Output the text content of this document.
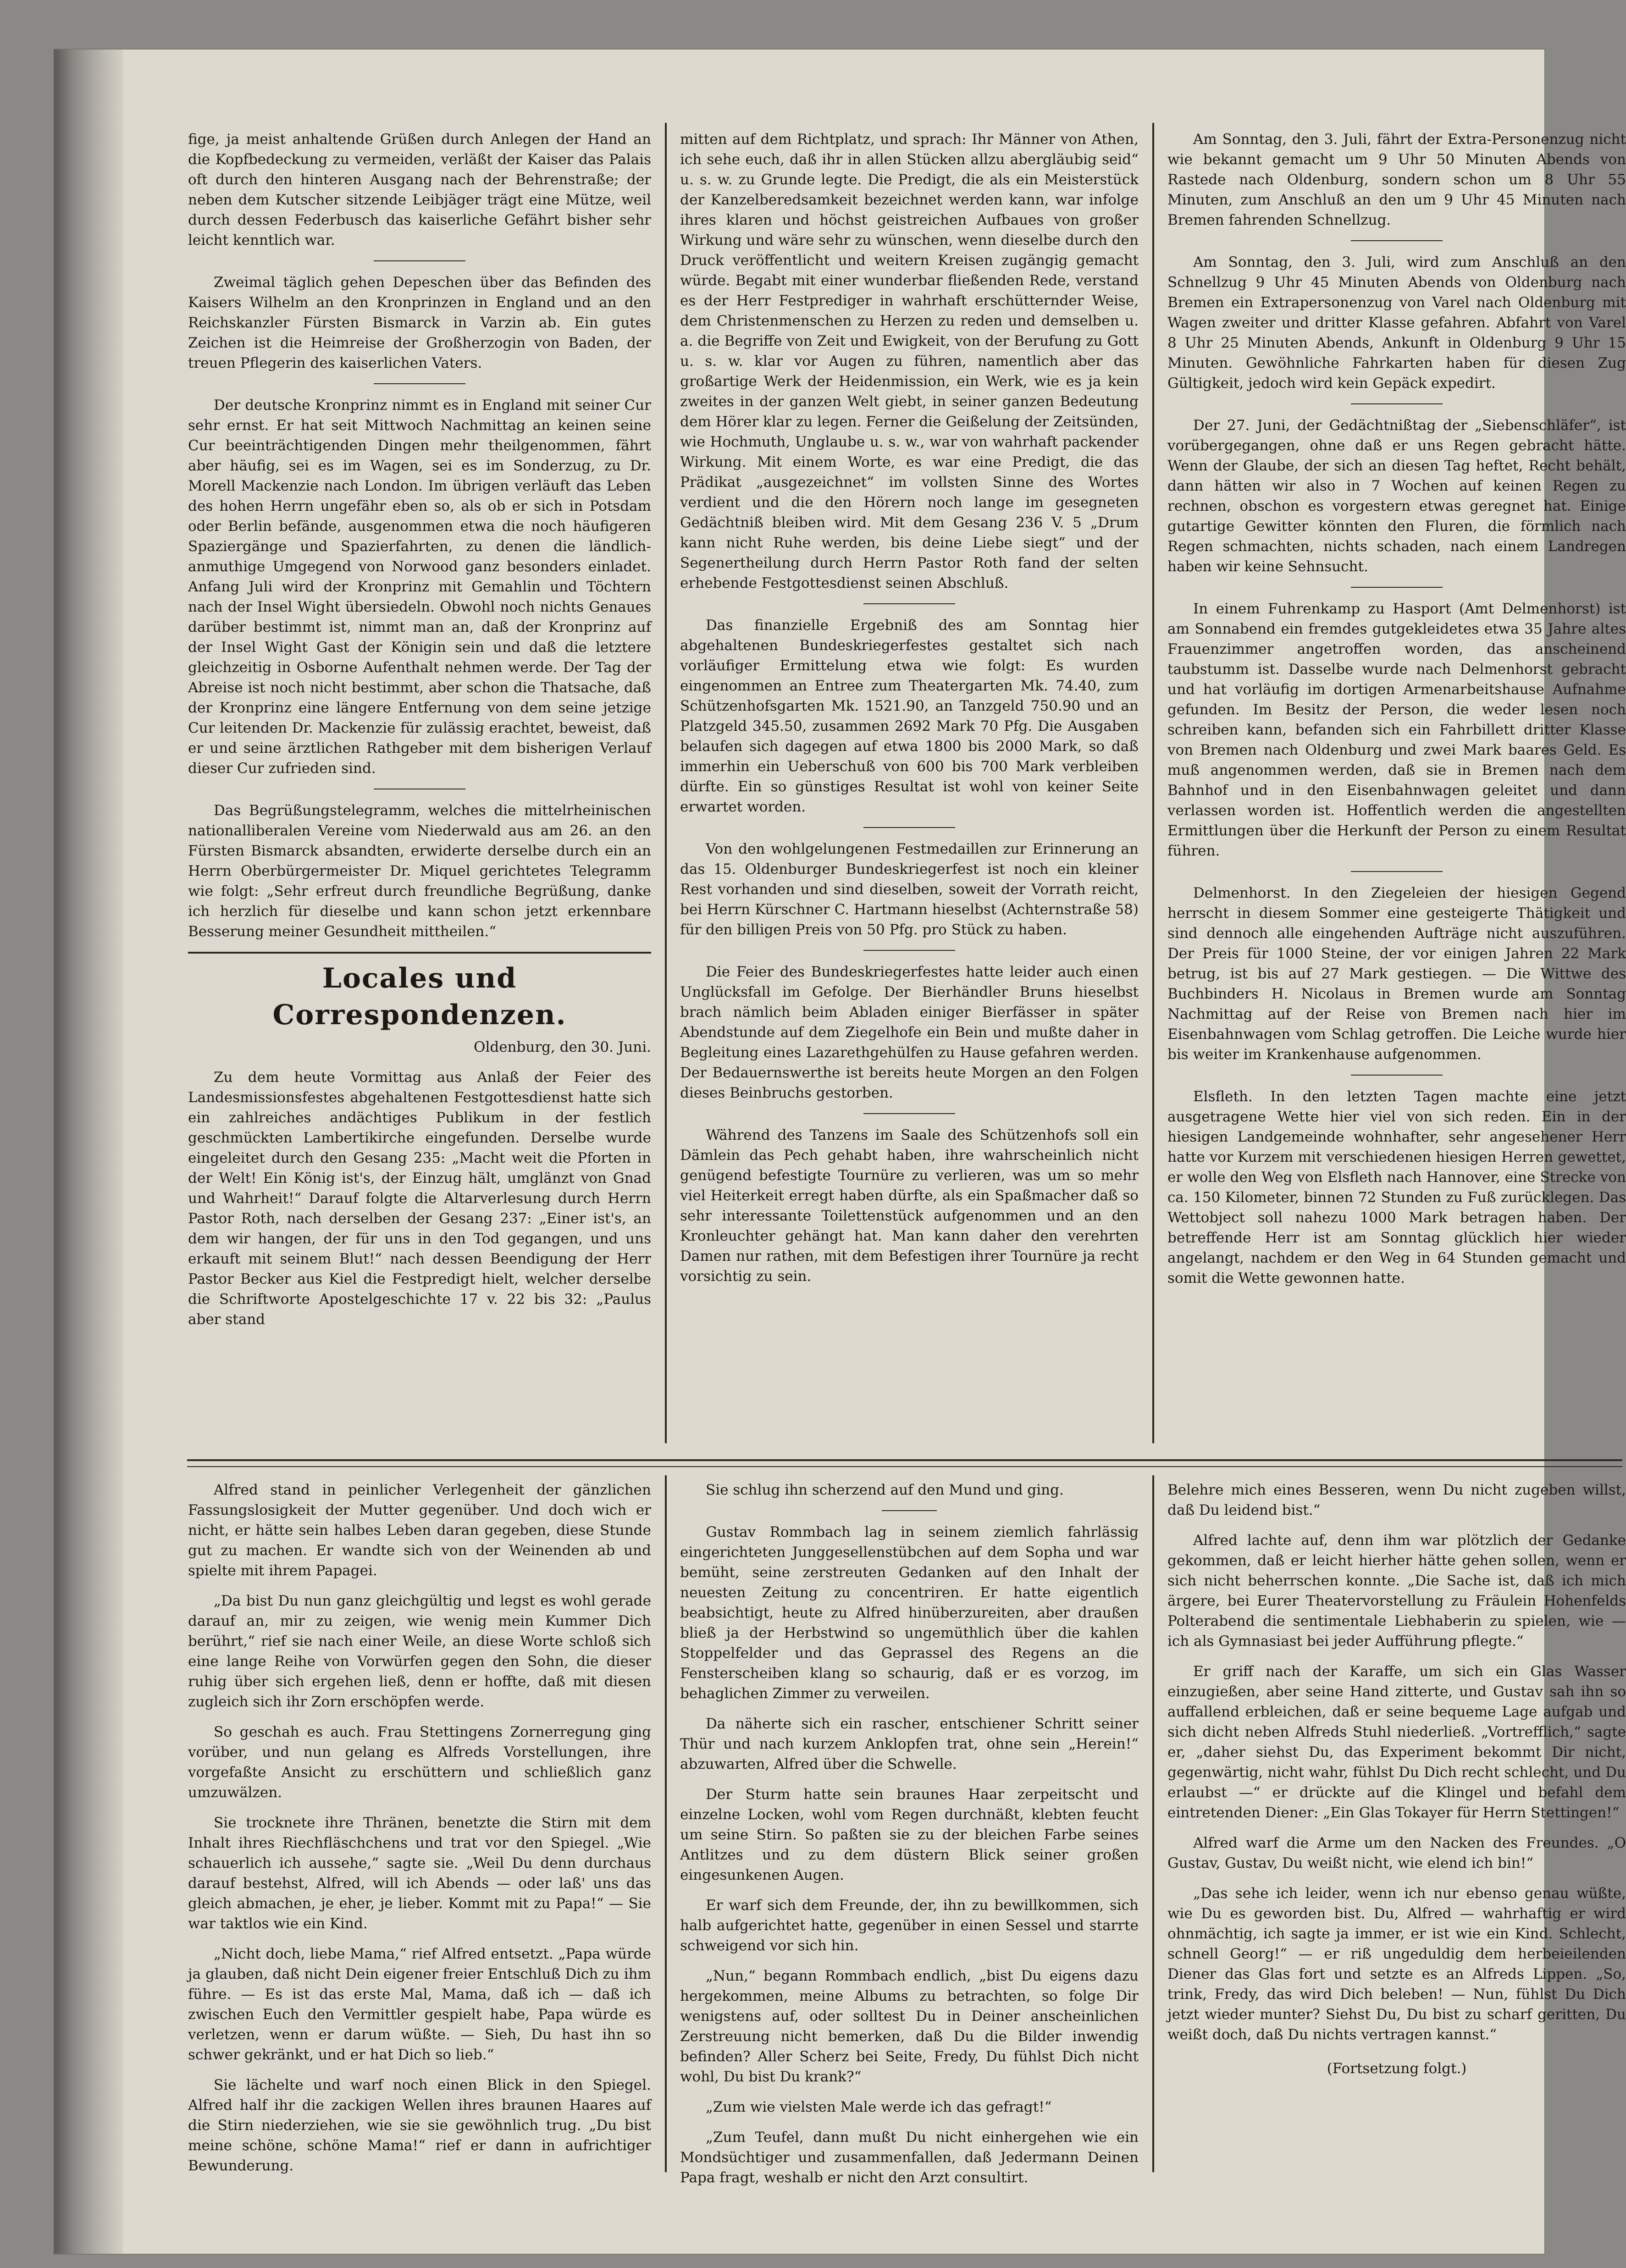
fige, ja meist anhaltende Grüßen durch Anlegen der Hand an die Kopfbedeckung zu vermeiden, verläßt der Kaiser das Palais oft durch den hinteren Ausgang nach der Behrenstraße; der neben dem Kutscher sitzende Leibjäger trägt eine Mütze, weil durch dessen Federbusch das kaiserliche Gefährt bisher sehr leicht kenntlich war.

Zweimal täglich gehen Depeschen über das Befinden des Kaisers Wilhelm an den Kronprinzen in England und an den Reichskanzler Fürsten Bismarck in Varzin ab. Ein gutes Zeichen ist die Heimreise der Großherzogin von Baden, der treuen Pflegerin des kaiserlichen Vaters.

Der deutsche Kronprinz nimmt es in England mit seiner Cur sehr ernst. Er hat seit Mittwoch Nachmittag an keinen seine Cur beeinträchtigenden Dingen mehr theilgenommen, fährt aber häufig, sei es im Wagen, sei es im Sonderzug, zu Dr. Morell Mackenzie nach London. Im übrigen verläuft das Leben des hohen Herrn ungefähr eben so, als ob er sich in Potsdam oder Berlin befände, ausgenommen etwa die noch häufigeren Spaziergänge und Spazierfahrten, zu denen die ländlich-anmuthige Umgegend von Norwood ganz besonders einladet. Anfang Juli wird der Kronprinz mit Gemahlin und Töchtern nach der Insel Wight übersiedeln. Obwohl noch nichts Genaues darüber bestimmt ist, nimmt man an, daß der Kronprinz auf der Insel Wight Gast der Königin sein und daß die letztere gleichzeitig in Osborne Aufenthalt nehmen werde. Der Tag der Abreise ist noch nicht bestimmt, aber schon die Thatsache, daß der Kronprinz eine längere Entfernung von dem seine jetzige Cur leitenden Dr. Mackenzie für zulässig erachtet, beweist, daß er und seine ärztlichen Rathgeber mit dem bisherigen Verlauf dieser Cur zufrieden sind.

Das Begrüßungstelegramm, welches die mittelrheinischen nationalliberalen Vereine vom Niederwald aus am 26. an den Fürsten Bismarck absandten, erwiderte derselbe durch ein an Herrn Oberbürgermeister Dr. Miquel gerichtetes Telegramm wie folgt: „Sehr erfreut durch freundliche Begrüßung, danke ich herzlich für dieselbe und kann schon jetzt erkennbare Besserung meiner Gesundheit mittheilen.“

Locales und Correspondenzen.

Oldenburg, den 30. Juni.

Zu dem heute Vormittag aus Anlaß der Feier des Landesmissionsfestes abgehaltenen Festgottesdienst hatte sich ein zahlreiches andächtiges Publikum in der festlich geschmückten Lambertikirche eingefunden. Derselbe wurde eingeleitet durch den Gesang 235: „Macht weit die Pforten in der Welt! Ein König ist's, der Einzug hält, umglänzt von Gnad und Wahrheit!“ Darauf folgte die Altarverlesung durch Herrn Pastor Roth, nach derselben der Gesang 237: „Einer ist's, an dem wir hangen, der für uns in den Tod gegangen, und uns erkauft mit seinem Blut!“ nach dessen Beendigung der Herr Pastor Becker aus Kiel die Festpredigt hielt, welcher derselbe die Schriftworte Apostelgeschichte 17 v. 22 bis 32: „Paulus aber stand

mitten auf dem Richtplatz, und sprach: Ihr Männer von Athen, ich sehe euch, daß ihr in allen Stücken allzu abergläubig seid“ u. s. w. zu Grunde legte. Die Predigt, die als ein Meisterstück der Kanzelberedsamkeit bezeichnet werden kann, war infolge ihres klaren und höchst geistreichen Aufbaues von großer Wirkung und wäre sehr zu wünschen, wenn dieselbe durch den Druck veröffentlicht und weitern Kreisen zugängig gemacht würde. Begabt mit einer wunderbar fließenden Rede, verstand es der Herr Festprediger in wahrhaft erschütternder Weise, dem Christenmenschen zu Herzen zu reden und demselben u. a. die Begriffe von Zeit und Ewigkeit, von der Berufung zu Gott u. s. w. klar vor Augen zu führen, namentlich aber das großartige Werk der Heidenmission, ein Werk, wie es ja kein zweites in der ganzen Welt giebt, in seiner ganzen Bedeutung dem Hörer klar zu legen. Ferner die Geißelung der Zeitsünden, wie Hochmuth, Unglaube u. s. w., war von wahrhaft packender Wirkung. Mit einem Worte, es war eine Predigt, die das Prädikat „ausgezeichnet“ im vollsten Sinne des Wortes verdient und die den Hörern noch lange im gesegneten Gedächtniß bleiben wird. Mit dem Gesang 236 V. 5 „Drum kann nicht Ruhe werden, bis deine Liebe siegt“ und der Segenertheilung durch Herrn Pastor Roth fand der selten erhebende Festgottesdienst seinen Abschluß.

Das finanzielle Ergebniß des am Sonntag hier abgehaltenen Bundeskriegerfestes gestaltet sich nach vorläufiger Ermittelung etwa wie folgt: Es wurden eingenommen an Entree zum Theatergarten Mk. 74.40, zum Schützenhofsgarten Mk. 1521.90, an Tanzgeld 750.90 und an Platzgeld 345.50, zusammen 2692 Mark 70 Pfg. Die Ausgaben belaufen sich dagegen auf etwa 1800 bis 2000 Mark, so daß immerhin ein Ueberschuß von 600 bis 700 Mark verbleiben dürfte. Ein so günstiges Resultat ist wohl von keiner Seite erwartet worden.

Von den wohlgelungenen Festmedaillen zur Erinnerung an das 15. Oldenburger Bundeskriegerfest ist noch ein kleiner Rest vorhanden und sind dieselben, soweit der Vorrath reicht, bei Herrn Kürschner C. Hartmann hieselbst (Achternstraße 58) für den billigen Preis von 50 Pfg. pro Stück zu haben.

Die Feier des Bundeskriegerfestes hatte leider auch einen Unglücksfall im Gefolge. Der Bierhändler Bruns hieselbst brach nämlich beim Abladen einiger Bierfässer in später Abendstunde auf dem Ziegelhofe ein Bein und mußte daher in Begleitung eines Lazarethgehülfen zu Hause gefahren werden. Der Bedauernswerthe ist bereits heute Morgen an den Folgen dieses Beinbruchs gestorben.

Während des Tanzens im Saale des Schützenhofs soll ein Dämlein das Pech gehabt haben, ihre wahrscheinlich nicht genügend befestigte Tournüre zu verlieren, was um so mehr viel Heiterkeit erregt haben dürfte, als ein Spaßmacher daß so sehr interessante Toilettenstück aufgenommen und an den Kronleuchter gehängt hat. Man kann daher den verehrten Damen nur rathen, mit dem Befestigen ihrer Tournüre ja recht vorsichtig zu sein.

Am Sonntag, den 3. Juli, fährt der Extra-Personenzug nicht wie bekannt gemacht um 9 Uhr 50 Minuten Abends von Rastede nach Oldenburg, sondern schon um 8 Uhr 55 Minuten, zum Anschluß an den um 9 Uhr 45 Minuten nach Bremen fahrenden Schnellzug.

Am Sonntag, den 3. Juli, wird zum Anschluß an den Schnellzug 9 Uhr 45 Minuten Abends von Oldenburg nach Bremen ein Extrapersonenzug von Varel nach Oldenburg mit Wagen zweiter und dritter Klasse gefahren. Abfahrt von Varel 8 Uhr 25 Minuten Abends, Ankunft in Oldenburg 9 Uhr 15 Minuten. Gewöhnliche Fahrkarten haben für diesen Zug Gültigkeit, jedoch wird kein Gepäck expedirt.

Der 27. Juni, der Gedächtnißtag der „Siebenschläfer“, ist vorübergegangen, ohne daß er uns Regen gebracht hätte. Wenn der Glaube, der sich an diesen Tag heftet, Recht behält, dann hätten wir also in 7 Wochen auf keinen Regen zu rechnen, obschon es vorgestern etwas geregnet hat. Einige gutartige Gewitter könnten den Fluren, die förmlich nach Regen schmachten, nichts schaden, nach einem Landregen haben wir keine Sehnsucht.

In einem Fuhrenkamp zu Hasport (Amt Delmenhorst) ist am Sonnabend ein fremdes gutgekleidetes etwa 35 Jahre altes Frauenzimmer angetroffen worden, das anscheinend taubstumm ist. Dasselbe wurde nach Delmenhorst gebracht und hat vorläufig im dortigen Armenarbeitshause Aufnahme gefunden. Im Besitz der Person, die weder lesen noch schreiben kann, befanden sich ein Fahrbillett dritter Klasse von Bremen nach Oldenburg und zwei Mark baares Geld. Es muß angenommen werden, daß sie in Bremen nach dem Bahnhof und in den Eisenbahnwagen geleitet und dann verlassen worden ist. Hoffentlich werden die angestellten Ermittlungen über die Herkunft der Person zu einem Resultat führen.

Delmenhorst. In den Ziegeleien der hiesigen Gegend herrscht in diesem Sommer eine gesteigerte Thätigkeit und sind dennoch alle eingehenden Aufträge nicht auszuführen. Der Preis für 1000 Steine, der vor einigen Jahren 22 Mark betrug, ist bis auf 27 Mark gestiegen. — Die Wittwe des Buchbinders H. Nicolaus in Bremen wurde am Sonntag Nachmittag auf der Reise von Bremen nach hier im Eisenbahnwagen vom Schlag getroffen. Die Leiche wurde hier bis weiter im Krankenhause aufgenommen.

Elsfleth. In den letzten Tagen machte eine jetzt ausgetragene Wette hier viel von sich reden. Ein in der hiesigen Landgemeinde wohnhafter, sehr angesehener Herr hatte vor Kurzem mit verschiedenen hiesigen Herren gewettet, er wolle den Weg von Elsfleth nach Hannover, eine Strecke von ca. 150 Kilometer, binnen 72 Stunden zu Fuß zurücklegen. Das Wettobject soll nahezu 1000 Mark betragen haben. Der betreffende Herr ist am Sonntag glücklich hier wieder angelangt, nachdem er den Weg in 64 Stunden gemacht und somit die Wette gewonnen hatte.

Alfred stand in peinlicher Verlegenheit der gänzlichen Fassungslosigkeit der Mutter gegenüber. Und doch wich er nicht, er hätte sein halbes Leben daran gegeben, diese Stunde gut zu machen. Er wandte sich von der Weinenden ab und spielte mit ihrem Papagei.

„Da bist Du nun ganz gleichgültig und legst es wohl gerade darauf an, mir zu zeigen, wie wenig mein Kummer Dich berührt,“ rief sie nach einer Weile, an diese Worte schloß sich eine lange Reihe von Vorwürfen gegen den Sohn, die dieser ruhig über sich ergehen ließ, denn er hoffte, daß mit diesen zugleich sich ihr Zorn erschöpfen werde.

So geschah es auch. Frau Stettingens Zornerregung ging vorüber, und nun gelang es Alfreds Vorstellungen, ihre vorgefaßte Ansicht zu erschüttern und schließlich ganz umzuwälzen.

Sie trocknete ihre Thränen, benetzte die Stirn mit dem Inhalt ihres Riechfläschchens und trat vor den Spiegel. „Wie schauerlich ich aussehe,“ sagte sie. „Weil Du denn durchaus darauf bestehst, Alfred, will ich Abends — oder laß' uns das gleich abmachen, je eher, je lieber. Kommt mit zu Papa!“ — Sie war taktlos wie ein Kind.

„Nicht doch, liebe Mama,“ rief Alfred entsetzt. „Papa würde ja glauben, daß nicht Dein eigener freier Entschluß Dich zu ihm führe. — Es ist das erste Mal, Mama, daß ich — daß ich zwischen Euch den Vermittler gespielt habe, Papa würde es verletzen, wenn er darum wüßte. — Sieh, Du hast ihn so schwer gekränkt, und er hat Dich so lieb.“

Sie lächelte und warf noch einen Blick in den Spiegel. Alfred half ihr die zackigen Wellen ihres braunen Haares auf die Stirn niederziehen, wie sie sie gewöhnlich trug. „Du bist meine schöne, schöne Mama!“ rief er dann in aufrichtiger Bewunderung.

Sie schlug ihn scherzend auf den Mund und ging.

Gustav Rommbach lag in seinem ziemlich fahrlässig eingerichteten Junggesellenstübchen auf dem Sopha und war bemüht, seine zerstreuten Gedanken auf den Inhalt der neuesten Zeitung zu concentriren. Er hatte eigentlich beabsichtigt, heute zu Alfred hinüberzureiten, aber draußen bließ ja der Herbstwind so ungemüthlich über die kahlen Stoppelfelder und das Geprassel des Regens an die Fensterscheiben klang so schaurig, daß er es vorzog, im behaglichen Zimmer zu verweilen.

Da näherte sich ein rascher, entschiener Schritt seiner Thür und nach kurzem Anklopfen trat, ohne sein „Herein!“ abzuwarten, Alfred über die Schwelle.

Der Sturm hatte sein braunes Haar zerpeitscht und einzelne Locken, wohl vom Regen durchnäßt, klebten feucht um seine Stirn. So paßten sie zu der bleichen Farbe seines Antlitzes und zu dem düstern Blick seiner großen eingesunkenen Augen.

Er warf sich dem Freunde, der, ihn zu bewillkommen, sich halb aufgerichtet hatte, gegenüber in einen Sessel und starrte schweigend vor sich hin.

„Nun,“ begann Rommbach endlich, „bist Du eigens dazu hergekommen, meine Albums zu betrachten, so folge Dir wenigstens auf, oder solltest Du in Deiner anscheinlichen Zerstreuung nicht bemerken, daß Du die Bilder inwendig befinden? Aller Scherz bei Seite, Fredy, Du fühlst Dich nicht wohl, Du bist Du krank?“

„Zum wie vielsten Male werde ich das gefragt!“

„Zum Teufel, dann mußt Du nicht einhergehen wie ein Mondsüchtiger und zusammenfallen, daß Jedermann Deinen Papa fragt, weshalb er nicht den Arzt consultirt.

Belehre mich eines Besseren, wenn Du nicht zugeben willst, daß Du leidend bist.“

Alfred lachte auf, denn ihm war plötzlich der Gedanke gekommen, daß er leicht hierher hätte gehen sollen, wenn er sich nicht beherrschen konnte. „Die Sache ist, daß ich mich ärgere, bei Eurer Theatervorstellung zu Fräulein Hohenfelds Polterabend die sentimentale Liebhaberin zu spielen, wie — ich als Gymnasiast bei jeder Aufführung pflegte.“

Er griff nach der Karaffe, um sich ein Glas Wasser einzugießen, aber seine Hand zitterte, und Gustav sah ihn so auffallend erbleichen, daß er seine bequeme Lage aufgab und sich dicht neben Alfreds Stuhl niederließ. „Vortrefflich,“ sagte er, „daher siehst Du, das Experiment bekommt Dir nicht, gegenwärtig, nicht wahr, fühlst Du Dich recht schlecht, und Du erlaubst —“ er drückte auf die Klingel und befahl dem eintretenden Diener: „Ein Glas Tokayer für Herrn Stettingen!“

Alfred warf die Arme um den Nacken des Freundes. „O Gustav, Gustav, Du weißt nicht, wie elend ich bin!“

„Das sehe ich leider, wenn ich nur ebenso genau wüßte, wie Du es geworden bist. Du, Alfred — wahrhaftig er wird ohnmächtig, ich sagte ja immer, er ist wie ein Kind. Schlecht, schnell Georg!“ — er riß ungeduldig dem herbeieilenden Diener das Glas fort und setzte es an Alfreds Lippen. „So, trink, Fredy, das wird Dich beleben! — Nun, fühlst Du Dich jetzt wieder munter? Siehst Du, Du bist zu scharf geritten, Du weißt doch, daß Du nichts vertragen kannst.“

(Fortsetzung folgt.)
